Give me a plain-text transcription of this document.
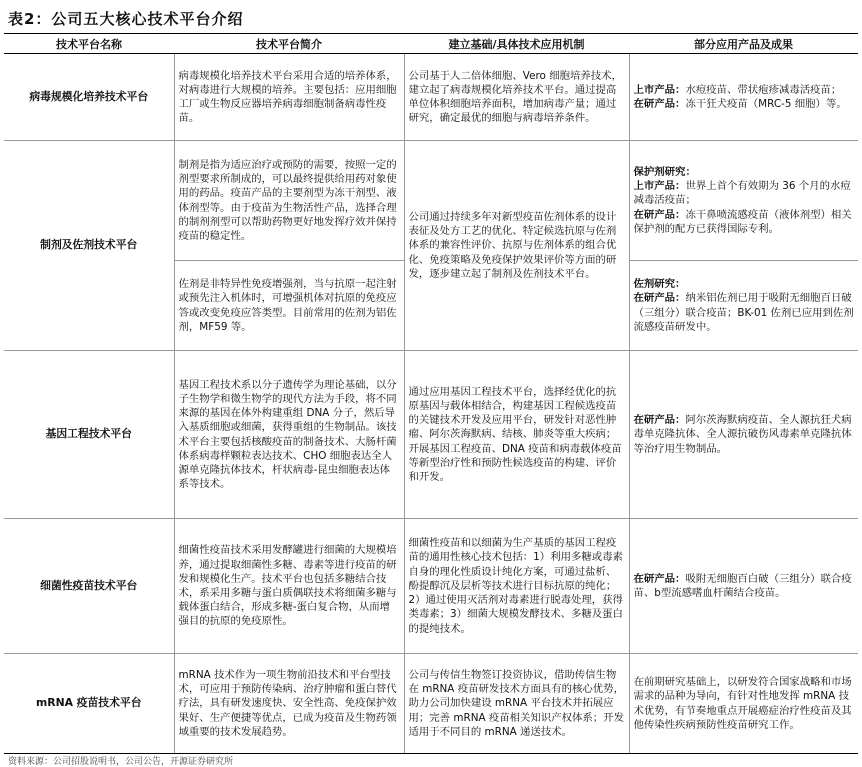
表2：公司五大核心技术平台介绍
技术平台名称	技术平台简介	建立基础/具体技术应用机制	部分应用产品及成果
病毒规模化培养技术平台	病毒规模化培养技术平台采用合适的培养体系，对病毒进行大规模的培养。主要包括：应用细胞工厂或生物反应器培养病毒细胞制备病毒性疫苗。	公司基于人二倍体细胞、Vero 细胞培养技术，建立起了病毒规模化培养技术平台。通过提高单位体积细胞培养面积，增加病毒产量；通过研究，确定最优的细胞与病毒培养条件。	上市产品：水痘疫苗、带状疱疹减毒活疫苗；
在研产品：冻干狂犬疫苗（MRC-5 细胞）等。
制剂及佐剂技术平台	制剂是指为适应治疗或预防的需要，按照一定的剂型要求所制成的，可以最终提供给用药对象使用的药品。疫苗产品的主要剂型为冻干剂型、液体剂型等。由于疫苗为生物活性产品，选择合理的制剂剂型可以帮助药物更好地发挥疗效并保持疫苗的稳定性。	公司通过持续多年对新型疫苗佐剂体系的设计表征及处方工艺的优化、特定候选抗原与佐剂体系的兼容性评价、抗原与佐剂体系的组合优化、免疫策略及免疫保护效果评价等方面的研发，逐步建立起了制剂及佐剂技术平台。	保护剂研究：
上市产品：世界上首个有效期为 36 个月的水痘减毒活疫苗；
在研产品：冻干鼻喷流感疫苗（液体剂型）相关保护剂的配方已获得国际专利。
	佐剂是非特异性免疫增强剂，当与抗原一起注射或预先注入机体时，可增强机体对抗原的免疫应答或改变免疫应答类型。目前常用的佐剂为铝佐剂，MF59 等。		佐剂研究：
在研产品：纳米铝佐剂已用于吸附无细胞百日破（三组分）联合疫苗；BK-01 佐剂已应用到佐剂流感疫苗研发中。
基因工程技术平台	基因工程技术系以分子遗传学为理论基础，以分子生物学和微生物学的现代方法为手段，将不同来源的基因在体外构建重组 DNA 分子，然后导入基质细胞或细菌，获得重组的生物制品。该技术平台主要包括核酸疫苗的制备技术、大肠杆菌体系病毒样颗粒表达技术、CHO 细胞表达全人源单克隆抗体技术，杆状病毒-昆虫细胞表达体系等技术。	通过应用基因工程技术平台，选择经优化的抗原基因与载体相结合，构建基因工程候选疫苗的关键技术开发及应用平台，研发针对恶性肿瘤、阿尔茨海默病、结核、肺炎等重大疾病；开展基因工程疫苗、DNA 疫苗和病毒载体疫苗等新型治疗性和预防性候选疫苗的构建、评价和开发。	在研产品：阿尔茨海默病疫苗、全人源抗狂犬病毒单克隆抗体、全人源抗破伤风毒素单克隆抗体等治疗用生物制品。
细菌性疫苗技术平台	细菌性疫苗技术采用发酵罐进行细菌的大规模培养，通过提取细菌性多糖、毒素等进行疫苗的研发和规模化生产。技术平台也包括多糖结合技术，系采用多糖与蛋白质偶联技术将细菌多糖与载体蛋白结合，形成多糖-蛋白复合物，从而增强目的抗原的免疫原性。	细菌性疫苗和以细菌为生产基质的基因工程疫苗的通用性核心技术包括：1）利用多糖或毒素自身的理化性质设计纯化方案，可通过盐析、酚提醇沉及层析等技术进行目标抗原的纯化；2）通过使用灭活剂对毒素进行脱毒处理，获得类毒素；3）细菌大规模发酵技术、多糖及蛋白的提纯技术。	在研产品：吸附无细胞百白破（三组分）联合疫苗、b型流感嗜血杆菌结合疫苗。
mRNA 疫苗技术平台	mRNA 技术作为一项生物前沿技术和平台型技术，可应用于预防传染病、治疗肿瘤和蛋白替代疗法，具有研发速度快、安全性高、免疫保护效果好、生产便捷等优点，已成为疫苗及生物药领域重要的技术发展趋势。	公司与传信生物签订投资协议，借助传信生物在 mRNA 疫苗研发技术方面具有的核心优势，助力公司加快建设 mRNA 平台技术并拓展应用；完善 mRNA 疫苗相关知识产权体系；开发适用于不同目的 mRNA 递送技术。	在前期研究基础上，以研发符合国家战略和市场需求的品种为导向，有针对性地发挥 mRNA 技术优势，有节奏地重点开展癌症治疗性疫苗及其他传染性疾病预防性疫苗研究工作。
资料来源：公司招股说明书，公司公告，开源证券研究所
